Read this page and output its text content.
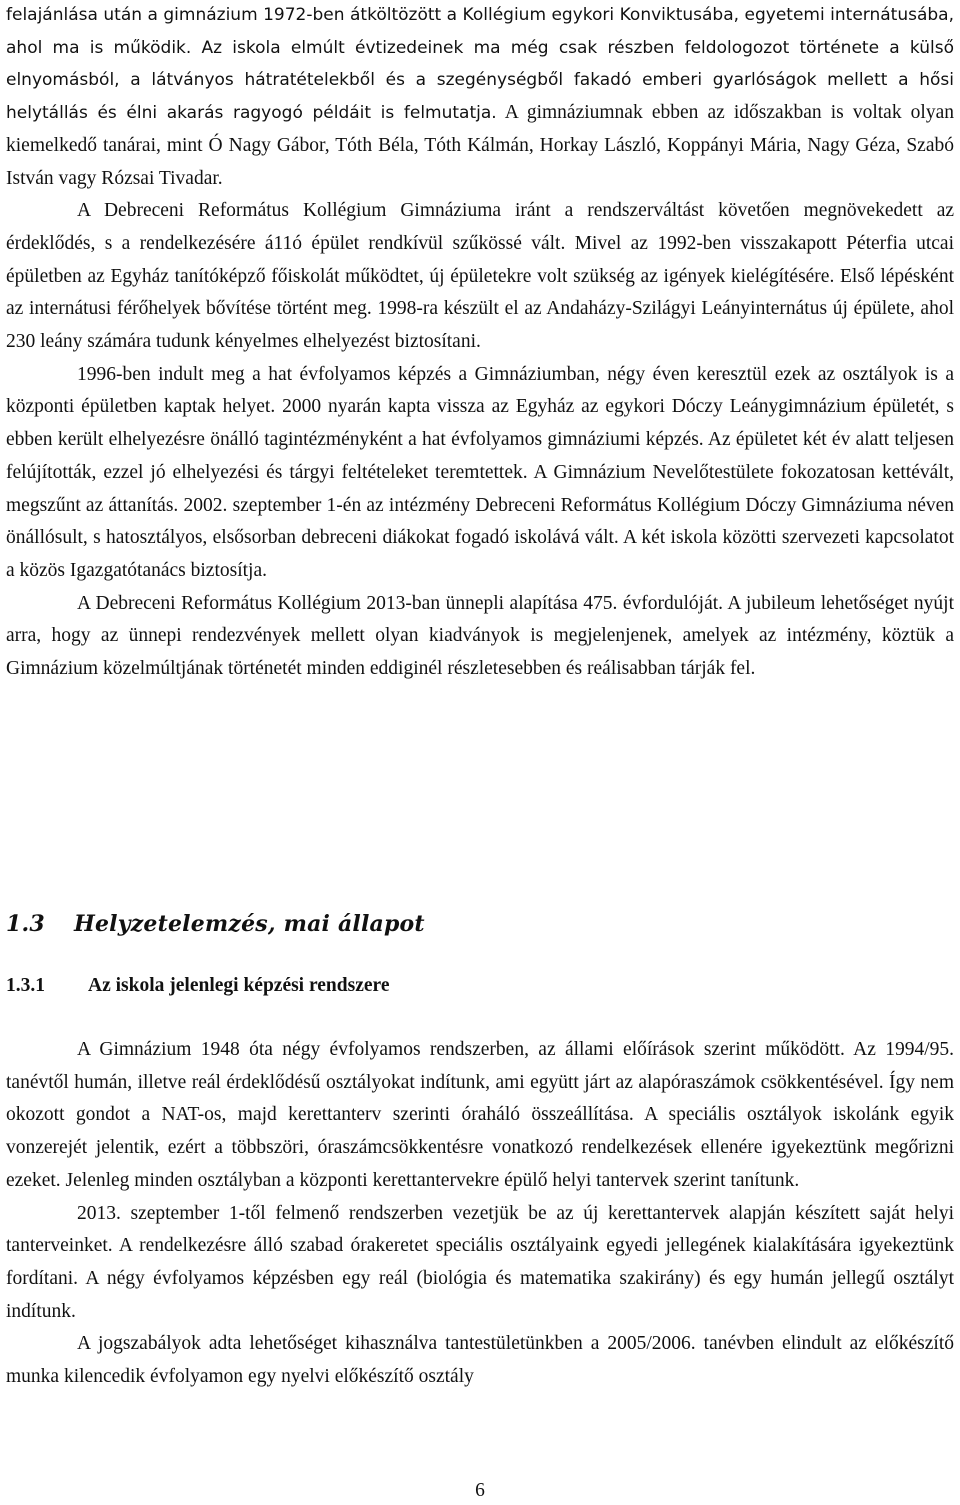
felajánlása után a gimnázium 1972-ben átköltözött a Kollégium egykori Konviktusába, egyetemi internátusába, ahol ma is működik. Az iskola elmúlt évtizedeinek ma még csak részben feldologozot története a külső elnyomásból, a látványos hátratételekből és a szegénységből fakadó emberi gyarlóságok mellett a hősi helytállás és élni akarás ragyogó példáit is felmutatja. A gimnáziumnak ebben az időszakban is voltak olyan kiemelkedő tanárai, mint Ó Nagy Gábor, Tóth Béla, Tóth Kálmán, Horkay László, Koppányi Mária, Nagy Géza, Szabó István vagy Rózsai Tivadar.

A Debreceni Református Kollégium Gimnáziuma iránt a rendszerváltást követően megnövekedett az érdeklődés, s a rendelkezésére á11ó épület rendkívül szűkössé vált. Mivel az 1992-ben visszakapott Péterfia utcai épületben az Egyház tanítóképző főiskolát működtet, új épületekre volt szükség az igények kielégítésére. Első lépésként az internátusi férőhelyek bővítése történt meg. 1998-ra készült el az Andaházy-Szilágyi Leányinternátus új épülete, ahol 230 leány számára tudunk kényelmes elhelyezést biztosítani.

1996-ben indult meg a hat évfolyamos képzés a Gimnáziumban, négy éven keresztül ezek az osztályok is a központi épületben kaptak helyet. 2000 nyarán kapta vissza az Egyház az egykori Dóczy Leánygimnázium épületét, s ebben került elhelyezésre önálló tagintézményként a hat évfolyamos gimnáziumi képzés. Az épületet két év alatt teljesen felújították, ezzel jó elhelyezési és tárgyi feltételeket teremtettek. A Gimnázium Nevelőtestülete fokozatosan kettévált, megszűnt az áttanítás. 2002. szeptember 1-én az intézmény Debreceni Református Kollégium Dóczy Gimnáziuma néven önállósult, s hatosztályos, elsősorban debreceni diákokat fogadó iskolává vált. A két iskola közötti szervezeti kapcsolatot a közös Igazgatótanács biztosítja.

A Debreceni Református Kollégium 2013-ban ünnepli alapítása 475. évfordulóját. A jubileum lehetőséget nyújt arra, hogy az ünnepi rendezvények mellett olyan kiadványok is megjelenjenek, amelyek az intézmény, köztük a Gimnázium közelmúltjának történetét minden eddiginél részletesebben és reálisabban tárják fel.

1.3 Helyzetelemzés, mai állapot
1.3.1 Az iskola jelenlegi képzési rendszere

A Gimnázium 1948 óta négy évfolyamos rendszerben, az állami előírások szerint működött. Az 1994/95. tanévtől humán, illetve reál érdeklődésű osztályokat indítunk, ami együtt járt az alapóraszámok csökkentésével. Így nem okozott gondot a NAT-os, majd kerettanterv szerinti óraháló összeállítása. A speciális osztályok iskolánk egyik vonzerejét jelentik, ezért a többszöri, óraszámcsökkentésre vonatkozó rendelkezések ellenére igyekeztünk megőrizni ezeket. Jelenleg minden osztályban a központi kerettantervekre épülő helyi tantervek szerint tanítunk.

2013. szeptember 1-től felmenő rendszerben vezetjük be az új kerettantervek alapján készített saját helyi tanterveinket. A rendelkezésre álló szabad órakeretet speciális osztályaink egyedi jellegének kialakítására igyekeztünk fordítani. A négy évfolyamos képzésben egy reál (biológia és matematika szakirány) és egy humán jellegű osztályt indítunk.

A jogszabályok adta lehetőséget kihasználva tantestületünkben a 2005/2006. tanévben elindult az előkészítő munka kilencedik évfolyamon egy nyelvi előkészítő osztály

6
